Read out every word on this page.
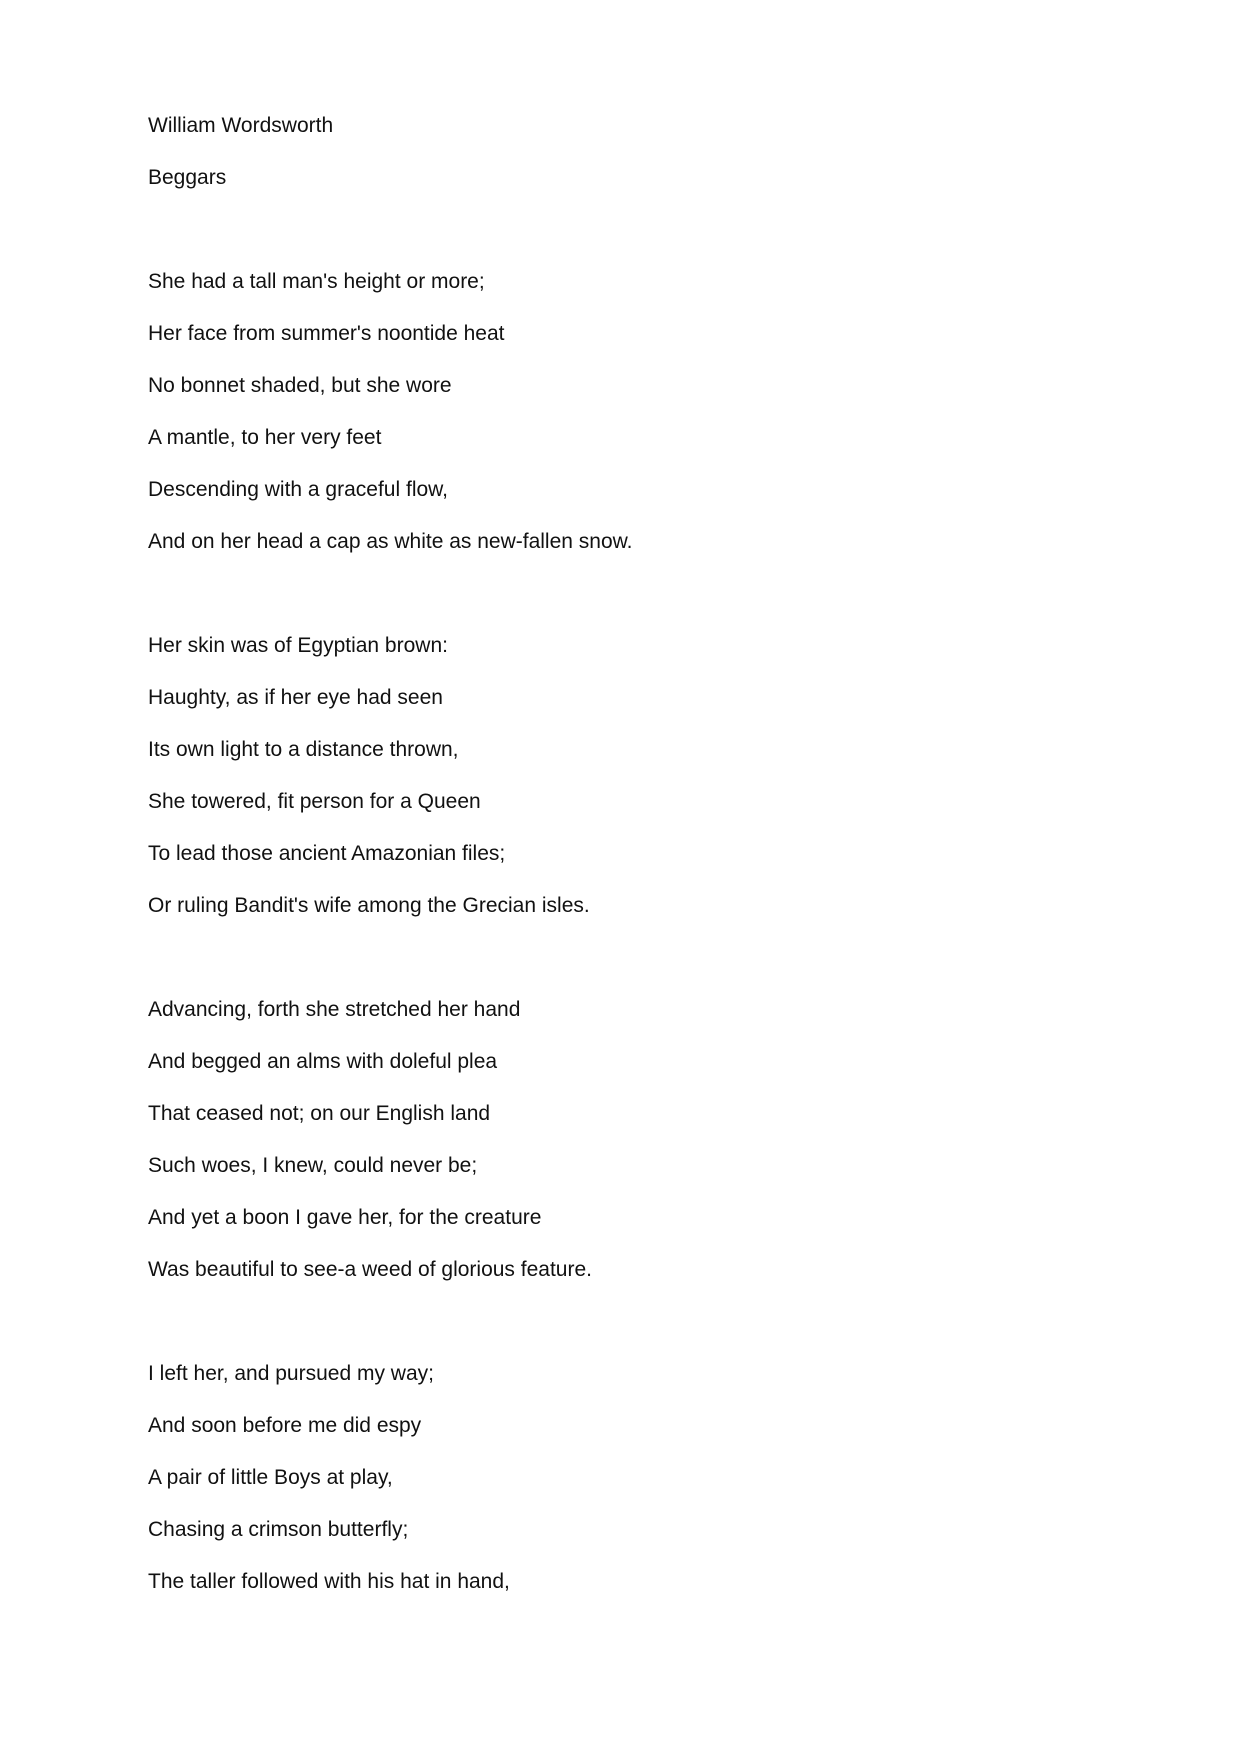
William Wordsworth
Beggars
She had a tall man's height or more;
Her face from summer's noontide heat
No bonnet shaded, but she wore
A mantle, to her very feet
Descending with a graceful flow,
And on her head a cap as white as new-fallen snow.
Her skin was of Egyptian brown:
Haughty, as if her eye had seen
Its own light to a distance thrown,
She towered, fit person for a Queen
To lead those ancient Amazonian files;
Or ruling Bandit's wife among the Grecian isles.
Advancing, forth she stretched her hand
And begged an alms with doleful plea
That ceased not; on our English land
Such woes, I knew, could never be;
And yet a boon I gave her, for the creature
Was beautiful to see-a weed of glorious feature.
I left her, and pursued my way;
And soon before me did espy
A pair of little Boys at play,
Chasing a crimson butterfly;
The taller followed with his hat in hand,
